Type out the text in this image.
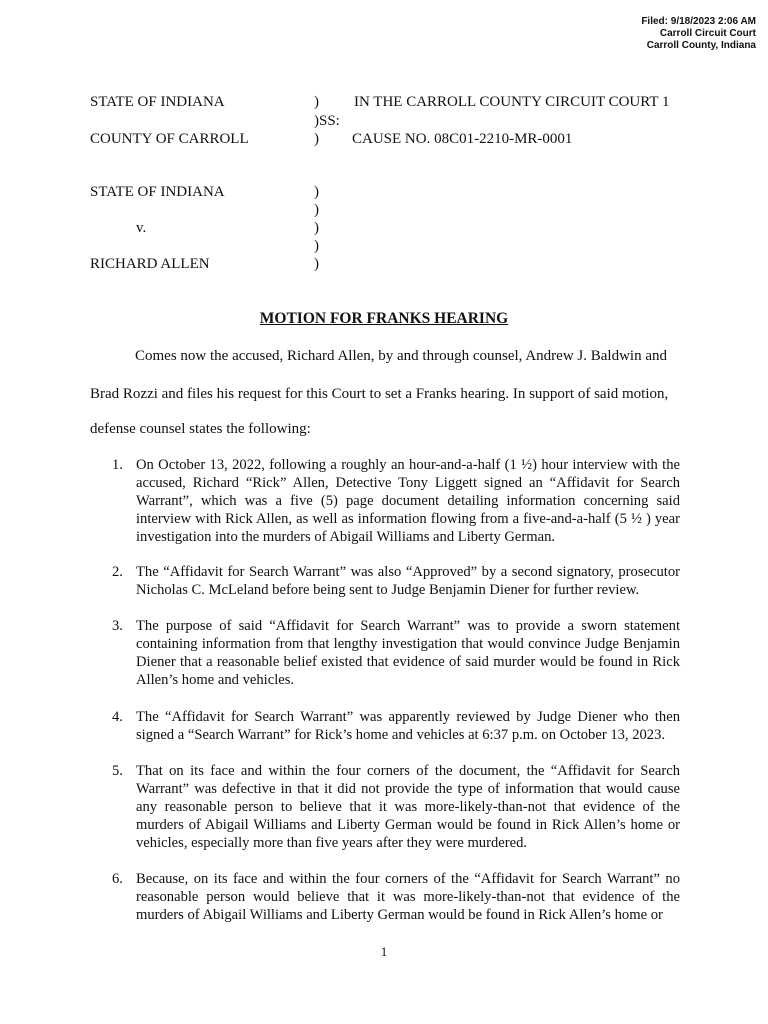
Filed: 9/18/2023 2:06 AM
Carroll Circuit Court
Carroll County, Indiana
STATE OF INDIANA	) IN THE CARROLL COUNTY CIRCUIT COURT 1
)SS:
COUNTY OF CARROLL	) CAUSE NO. 08C01-2210-MR-0001
STATE OF INDIANA	)
)
v.	)
)
RICHARD ALLEN	)
MOTION FOR FRANKS HEARING

Comes now the accused, Richard Allen, by and through counsel, Andrew J. Baldwin and

Brad Rozzi and files his request for this Court to set a Franks hearing. In support of said motion,

defense counsel states the following:

1. On October 13, 2022, following a roughly an hour-and-a-half (1 ½) hour interview with the accused, Richard “Rick” Allen, Detective Tony Liggett signed an “Affidavit for Search Warrant”, which was a five (5) page document detailing information concerning said interview with Rick Allen, as well as information flowing from a five-and-a-half (5 ½ ) year investigation into the murders of Abigail Williams and Liberty German.
2. The “Affidavit for Search Warrant” was also “Approved” by a second signatory, prosecutor Nicholas C. McLeland before being sent to Judge Benjamin Diener for further review.
3. The purpose of said “Affidavit for Search Warrant” was to provide a sworn statement containing information from that lengthy investigation that would convince Judge Benjamin Diener that a reasonable belief existed that evidence of said murder would be found in Rick Allen’s home and vehicles.
4. The “Affidavit for Search Warrant” was apparently reviewed by Judge Diener who then signed a “Search Warrant” for Rick’s home and vehicles at 6:37 p.m. on October 13, 2023.
5. That on its face and within the four corners of the document, the “Affidavit for Search Warrant” was defective in that it did not provide the type of information that would cause any reasonable person to believe that it was more-likely-than-not that evidence of the murders of Abigail Williams and Liberty German would be found in Rick Allen’s home or vehicles, especially more than five years after they were murdered.
6. Because, on its face and within the four corners of the “Affidavit for Search Warrant” no reasonable person would believe that it was more-likely-than-not that evidence of the murders of Abigail Williams and Liberty German would be found in Rick Allen’s home or
1
